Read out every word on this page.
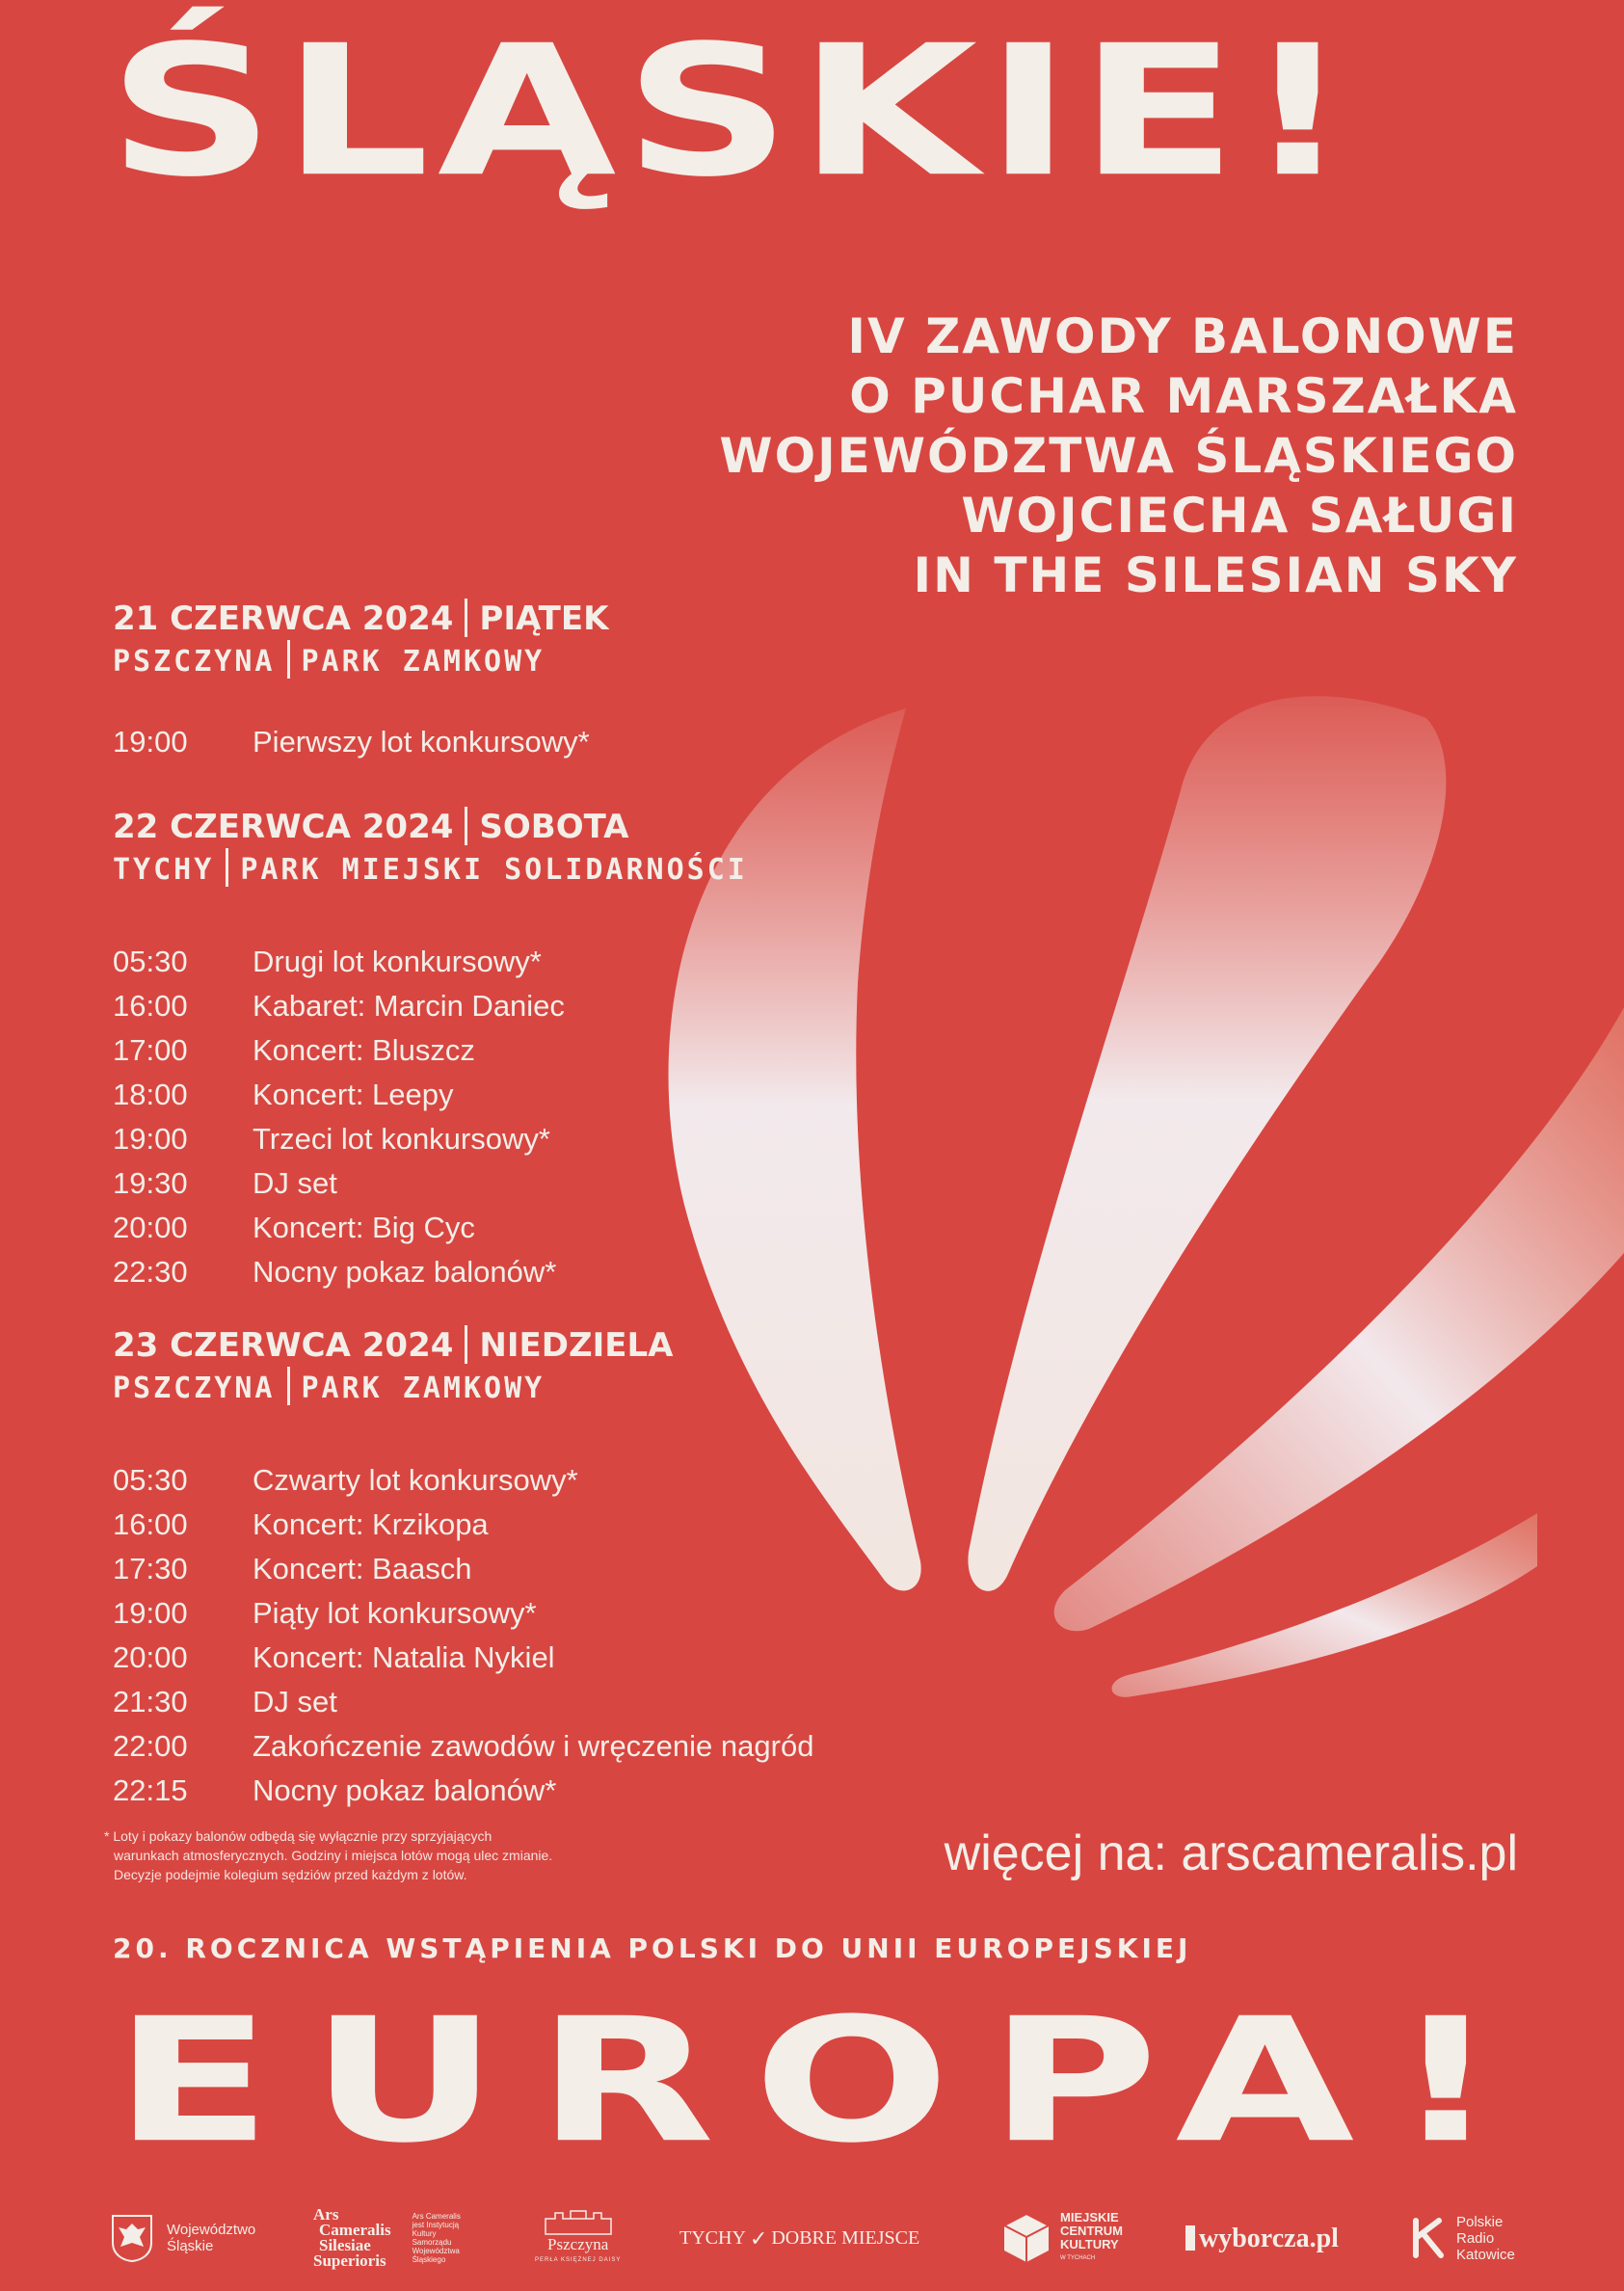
ŚLĄSKIE!
IV ZAWODY BALONOWE
O PUCHAR MARSZAŁKA
WOJEWÓDZTWA ŚLĄSKIEGO
WOJCIECHA SAŁUGI
IN THE SILESIAN SKY
21 CZERWCA 2024 PIĄTEK
PSZCZYNA PARK ZAMKOWY
19:00 Pierwszy lot konkursowy*
22 CZERWCA 2024 SOBOTA
TYCHY PARK MIEJSKI SOLIDARNOŚCI
05:30 Drugi lot konkursowy*
16:00 Kabaret: Marcin Daniec
17:00 Koncert: Bluszcz
18:00 Koncert: Leepy
19:00 Trzeci lot konkursowy*
19:30 DJ set
20:00 Koncert: Big Cyc
22:30 Nocny pokaz balonów*
23 CZERWCA 2024 NIEDZIELA
PSZCZYNA PARK ZAMKOWY
05:30 Czwarty lot konkursowy*
16:00 Koncert: Krzikopa
17:30 Koncert: Baasch
19:00 Piąty lot konkursowy*
20:00 Koncert: Natalia Nykiel
21:30 DJ set
22:00 Zakończenie zawodów i wręczenie nagród
22:15 Nocny pokaz balonów*
* Loty i pokazy balonów odbędą się wyłącznie przy sprzyjających
warunkach atmosferycznych. Godziny i miejsca lotów mogą ulec zmianie.
Decyzje podejmie kolegium sędziów przed każdym z lotów.	więcej na: arscameralis.pl
20. ROCZNICA WSTĄPIENIA POLSKI DO UNII EUROPEJSKIEJ
EUROPA!
Województwo
Śląskie
Ars
Cameralis
Silesiae
Superioris
Ars Cameralis
jest Instytucją
Kultury
Samorządu
Województwa
Śląskiego
Pszczyna
PERŁA KSIĘŻNEJ DAISY
TYCHY ✓ DOBRE MIEJSCE
MIEJSKIE
CENTRUM
KULTURY
W TYCHACH
wyborcza.pl
Polskie
Radio
Katowice
